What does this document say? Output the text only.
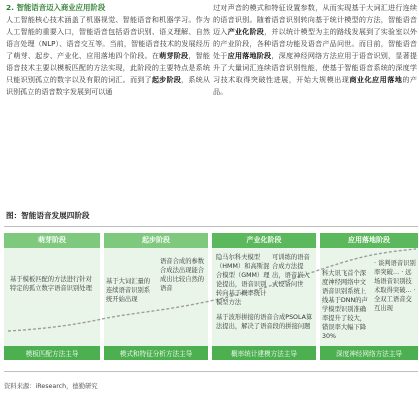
2. 智能语音迈入商业应用阶段

人工智能核心技术涵盖了机器视觉、智能语音和机器学习。作为人工智能的重要入口，智能语音包括语音识别、语义理解、自然语言处理（NLP）、语音交互等。当前，智能语音技术的发展经历了萌芽、起步、产业化、应用落地四个阶段。在萌芽阶段，智能语音技术主要以模板匹配的方法实现，此阶段的主要特点是系统只能识别孤立的数字以及有限的词汇。而到了起步阶段，系统从识别孤立的语音数字发展到可以通

过对声音的模式和特征设置参数，从而实现基于大词汇进行连续的语音识别。随着语音识别转向基于统计模型的方法，智能语音迈入产业化阶段，并以统计模型为主的路线发展到了实验室以外的产业阶段，各种语音功能及语音产品问世。而目前，智能语音处于应用落地阶段，深度神经网络方法应用于语音识别，显著提升了大量词汇连续语音识别性能，使基于智能语音系统的深度学习技术取得突破性进展，开始大规模出现商业化应用落地的产品。

图：智能语音发展四阶段
萌芽阶段
模板匹配方法主导
起步阶段
模式和特征分析方法主导
产业化阶段
概率统计建模方法主导
应用落地阶段
深度神经网络方法主导
基于模板匹配的方法进行针对特定的孤立数字语音识别处理
基于大词汇量的连续语音识别系统开始出现
语音合成的参数合成法出现能合成出比较自然的语音
隐马尔科夫模型（HMM）和高斯混合模型（GMM）理论提出，语音识别转向基于概率统计模型方法
可训练的语音合成方法提出，语音嵌入式设备问世
基于波形拼接的语音合成PSOLA算法提出，解决了语音段的拼接问题
科大讯飞首个深度神经网络中文语音识别系统上线基于DNN的声学模型识别准确率提升了较大，错误率大幅下降30%
· 谈判语音识别率突破… · 远场语音识别技术取得突破… · 全双工语音交互出现
资料来源：iResearch，德勤研究
